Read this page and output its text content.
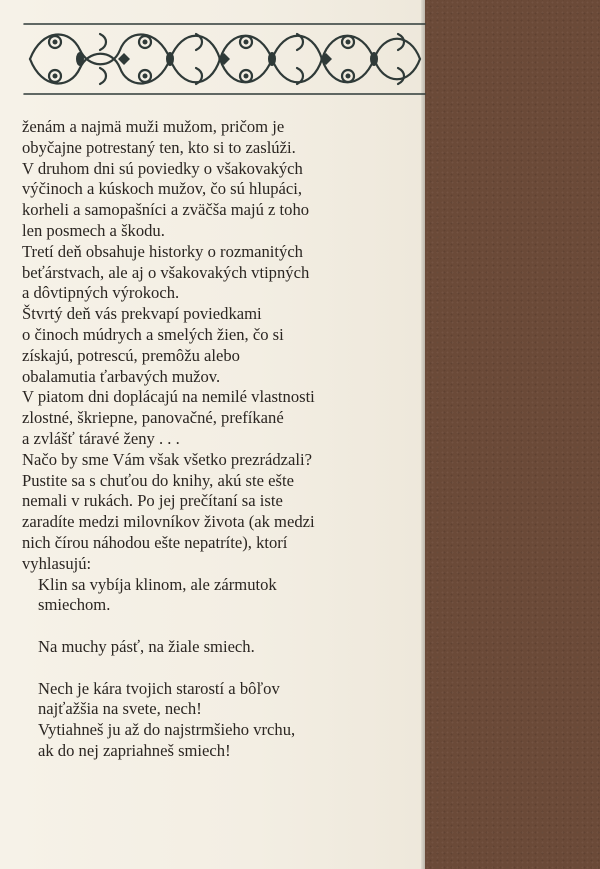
ženám a najmä muži mužom, pričom je
obyčajne potrestaný ten, kto si to zaslúži.
V druhom dni sú poviedky o všakovakých
výčinoch a kúskoch mužov, čo sú hlupáci,
korheli a samopašníci a zväčša majú z toho
len posmech a škodu.
Tretí deň obsahuje historky o rozmanitých
beťárstvach, ale aj o všakovakých vtipných
a dôvtipných výrokoch.
Štvrtý deň vás prekvapí poviedkami
o činoch múdrych a smelých žien, čo si
získajú, potrescú, premôžu alebo
obalamutia ťarbavých mužov.
V piatom dni doplácajú na nemilé vlastnosti
zlostné, škriepne, panovačné, prefíkané
a zvlášť táravé ženy . . .
Načo by sme Vám však všetko prezrádzali?
Pustite sa s chuťou do knihy, akú ste ešte
nemali v rukách. Po jej prečítaní sa iste
zaradíte medzi milovníkov života (ak medzi
nich čírou náhodou ešte nepatríte), ktorí
vyhlasujú:
Klin sa vybíja klinom, ale zármutok
smiechom.
Na muchy pásť, na žiale smiech.
Nech je kára tvojich starostí a bôľov
najťažšia na svete, nech!
Vytiahneš ju až do najstrmšieho vrchu,
ak do nej zapriahneš smiech!
